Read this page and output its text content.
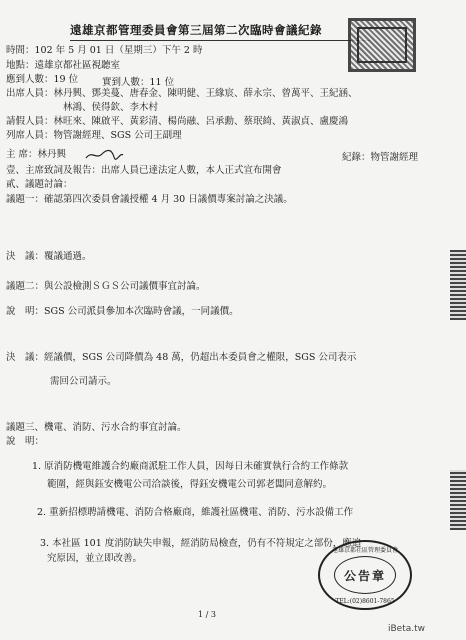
遠雄京都管理委員會第三屆第二次臨時會議紀錄
時間：102 年 5 月 01 日（星期三）下午 2 時
地點：遠雄京都社區視聽室
應到人數：19 位	實到人數：11 位
出席人員：林丹興、鄧美蔓、唐春金、陳明健、王緣宸、薛永宗、曾萬平、王紀涵、
林鴻、侯得欽、李木村
請假人員：林旺來、陳啟平、黃彩清、楊尚融、呂承勳、蔡珉綺、黃淑貞、盧慶鴻
列席人員：物管謝經理、SGS 公司王副理
主 席：林丹興	紀錄：物管謝經理
壹、主席致詞及報告：出席人員已達法定人數，本人正式宣布開會
貳、議題討論：
議題一：確認第四次委員會議授權 4 月 30 日議價專案討論之決議。
決　議：覆議通過。
議題二：與公設檢測ＳＧＳ公司議價事宜討論。
說　明：SGS 公司派員參加本次臨時會議，一同議價。
決　議：經議價，SGS 公司降價為 48 萬，仍超出本委員會之權限，SGS 公司表示
需回公司請示。
議題三、機電、消防、污水合約事宜討論。
說　明：
1. 原消防機電維護合約廠商派駐工作人員，因每日未確實執行合約工作條款
範圍，經與鈺安機電公司洽談後，得鈺安機電公司郭老闆同意解約。
2. 重新招標聘請機電、消防合格廠商，維護社區機電、消防、污水設備工作
3. 本社區 101 度消防缺失申報，經消防局檢查，仍有不符規定之部份，應追
究原因，並立即改善。
遠雄京都社區管理委員會
公告章
TEL:(02)8601-7865
1 / 3
iBeta.tw
